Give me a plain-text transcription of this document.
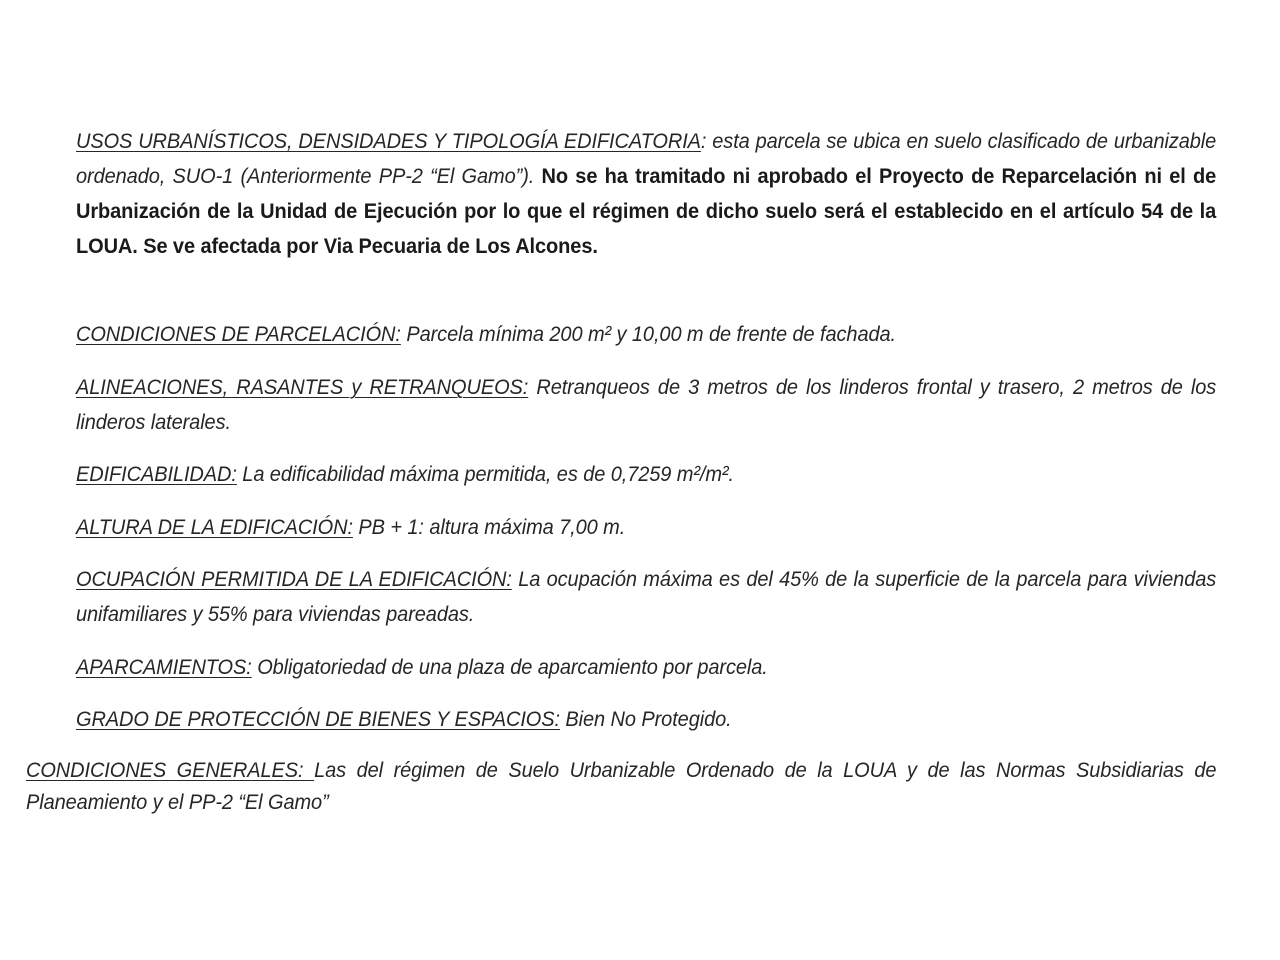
USOS URBANÍSTICOS, DENSIDADES Y TIPOLOGÍA EDIFICATORIA: esta parcela se ubica en suelo clasificado de urbanizable ordenado, SUO-1 (Anteriormente PP-2 “El Gamo”). No se ha tramitado ni aprobado el Proyecto de Reparcelación ni el de Urbanización de la Unidad de Ejecución por lo que el régimen de dicho suelo será el establecido en el artículo 54 de la LOUA. Se ve afectada por Via Pecuaria de Los Alcones.

CONDICIONES DE PARCELACIÓN: Parcela mínima 200 m² y 10,00 m de frente de fachada.

ALINEACIONES, RASANTES y RETRANQUEOS: Retranqueos de 3 metros de los linderos frontal y trasero, 2 metros de los linderos laterales.

EDIFICABILIDAD: La edificabilidad máxima permitida, es de 0,7259 m²/m².

ALTURA DE LA EDIFICACIÓN: PB + 1: altura máxima 7,00 m.

OCUPACIÓN PERMITIDA DE LA EDIFICACIÓN: La ocupación máxima es del 45% de la superficie de la parcela para viviendas unifamiliares y 55% para viviendas pareadas.

APARCAMIENTOS: Obligatoriedad de una plaza de aparcamiento por parcela.

GRADO DE PROTECCIÓN DE BIENES Y ESPACIOS: Bien No Protegido.

CONDICIONES GENERALES: Las del régimen de Suelo Urbanizable Ordenado de la LOUA y de las Normas Subsidiarias de Planeamiento y el PP-2 “El Gamo”
